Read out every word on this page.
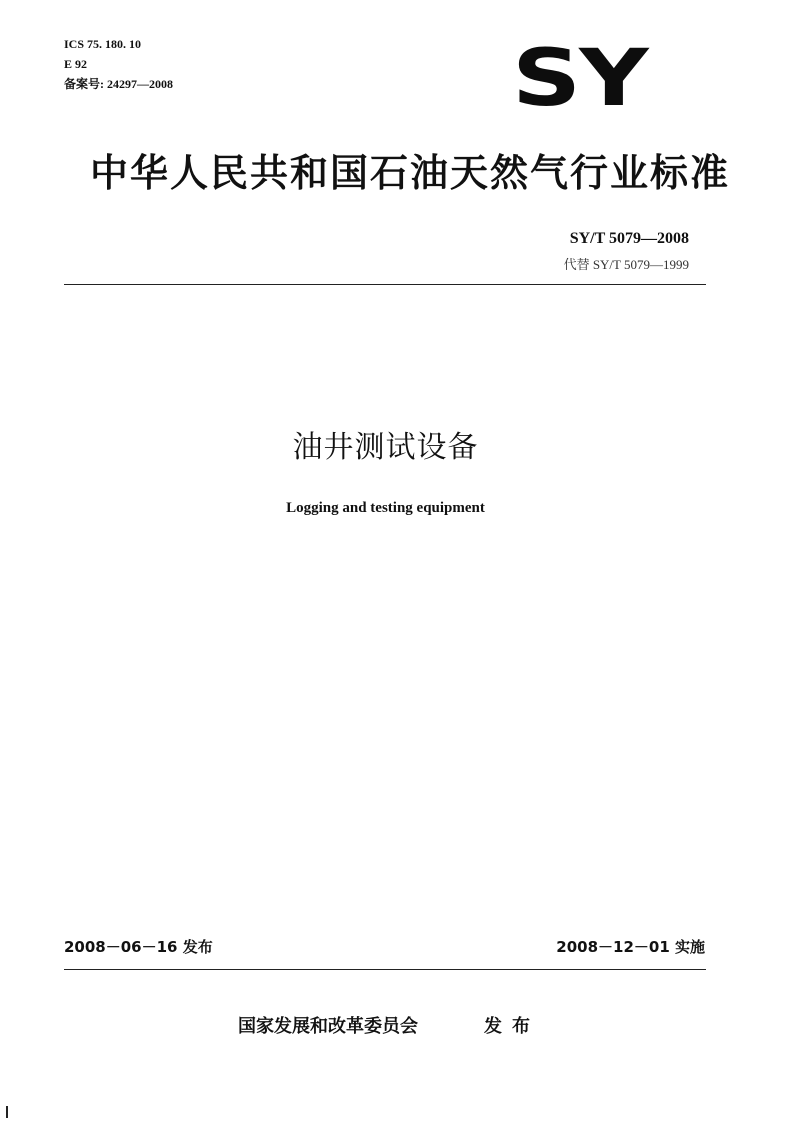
ICS 75. 180. 10
E 92
备案号: 24297—2008	SY
中华人民共和国石油天然气行业标准
SY/T 5079—2008
代替 SY/T 5079—1999
油井测试设备
Logging and testing equipment
2008－06－16 发布	2008－12－01 实施
国家发展和改革委员会	发布
